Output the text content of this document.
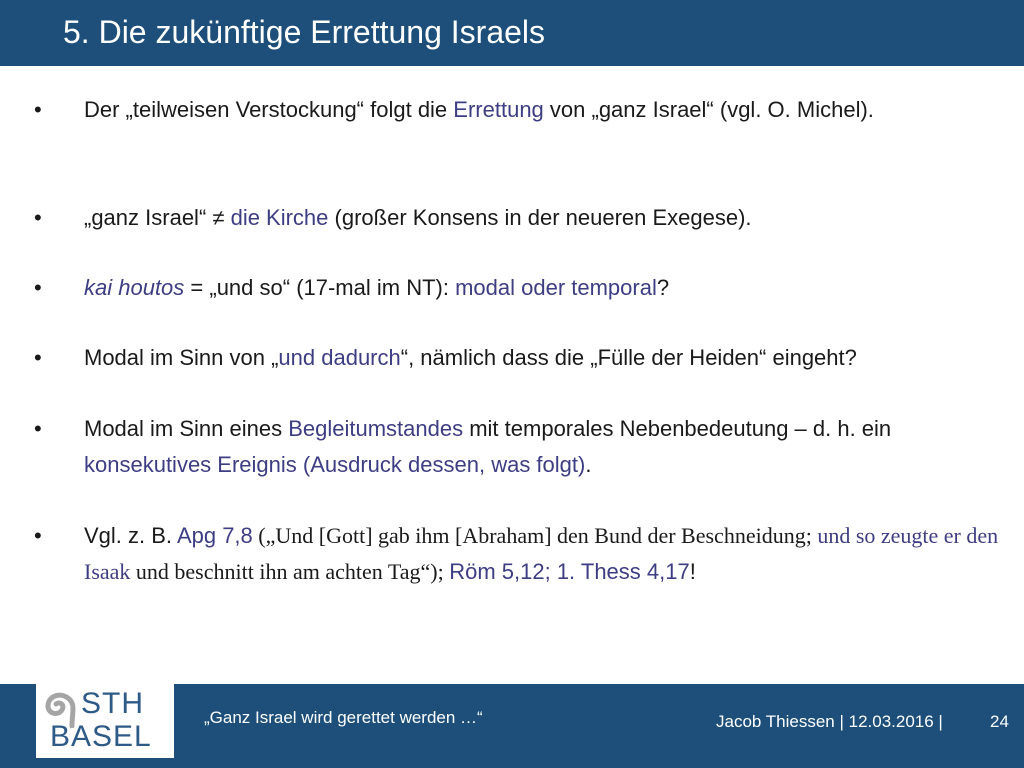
5. Die zukünftige Errettung Israels
• Der „teilweisen Verstockung“ folgt die Errettung von „ganz Israel“ (vgl. O. Michel).
• „ganz Israel“ ≠ die Kirche (großer Konsens in der neueren Exegese).
• kai houtos = „und so“ (17-mal im NT): modal oder temporal?
• Modal im Sinn von „und dadurch“, nämlich dass die „Fülle der Heiden“ eingeht?
• Modal im Sinn eines Begleitumstandes mit temporales Nebenbedeutung – d. h. ein konsekutives Ereignis (Ausdruck dessen, was folgt).
• Vgl. z. B. Apg 7,8 („Und [Gott] gab ihm [Abraham] den Bund der Beschneidung; und so zeugte er den Isaak und beschnitt ihn am achten Tag“); Röm 5,12; 1. Thess 4,17!
STH
BASEL
„Ganz Israel wird gerettet werden …“	Jacob Thiessen | 12.03.2016 |	24
